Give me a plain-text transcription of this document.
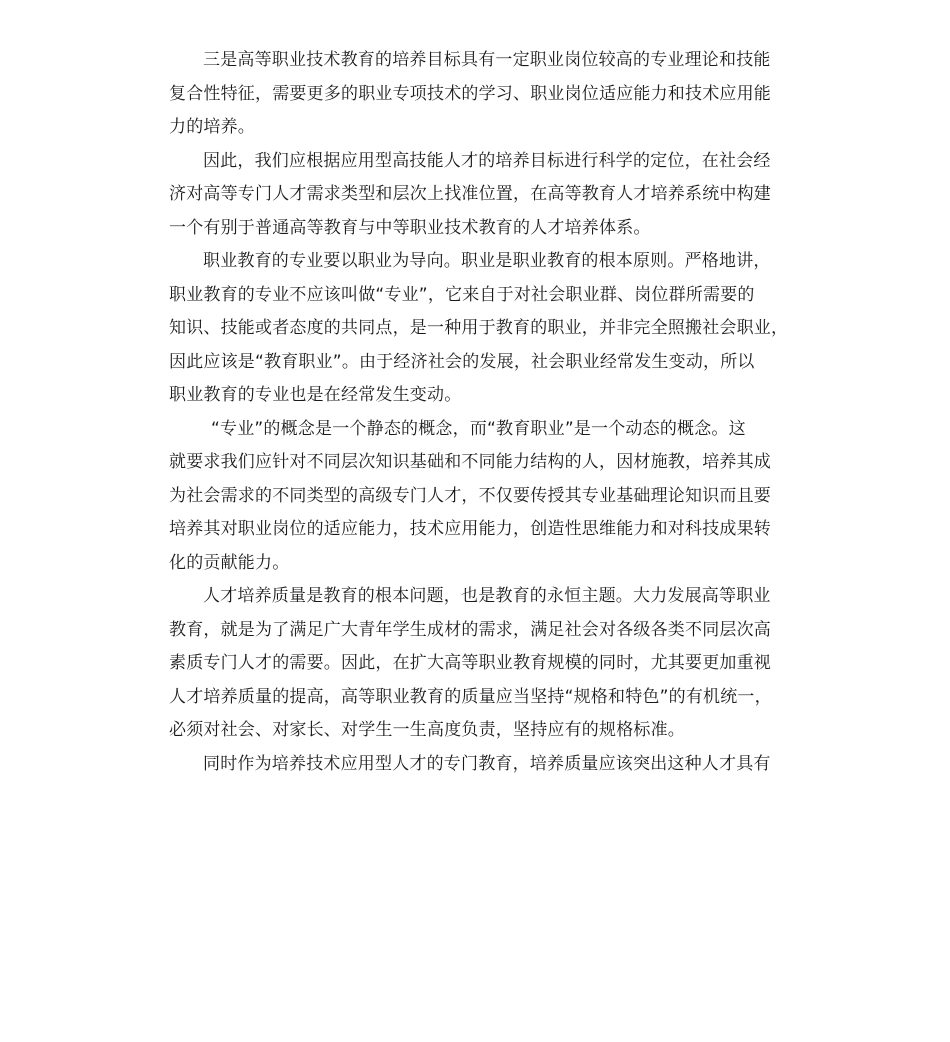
三是高等职业技术教育的培养目标具有一定职业岗位较高的专业理论和技能
复合性特征，需要更多的职业专项技术的学习、职业岗位适应能力和技术应用能
力的培养。
因此，我们应根据应用型高技能人才的培养目标进行科学的定位，在社会经
济对高等专门人才需求类型和层次上找准位置，在高等教育人才培养系统中构建
一个有别于普通高等教育与中等职业技术教育的人才培养体系。
职业教育的专业要以职业为导向。职业是职业教育的根本原则。严格地讲，
职业教育的专业不应该叫做“专业”，它来自于对社会职业群、岗位群所需要的
知识、技能或者态度的共同点，是一种用于教育的职业，并非完全照搬社会职业，
因此应该是“教育职业”。由于经济社会的发展，社会职业经常发生变动，所以
职业教育的专业也是在经常发生变动。
“专业”的概念是一个静态的概念，而“教育职业”是一个动态的概念。这
就要求我们应针对不同层次知识基础和不同能力结构的人，因材施教，培养其成
为社会需求的不同类型的高级专门人才，不仅要传授其专业基础理论知识而且要
培养其对职业岗位的适应能力，技术应用能力，创造性思维能力和对科技成果转
化的贡献能力。
人才培养质量是教育的根本问题，也是教育的永恒主题。大力发展高等职业
教育，就是为了满足广大青年学生成材的需求，满足社会对各级各类不同层次高
素质专门人才的需要。因此，在扩大高等职业教育规模的同时，尤其要更加重视
人才培养质量的提高，高等职业教育的质量应当坚持“规格和特色”的有机统一，
必须对社会、对家长、对学生一生高度负责，坚持应有的规格标准。
同时作为培养技术应用型人才的专门教育，培养质量应该突出这种人才具有
